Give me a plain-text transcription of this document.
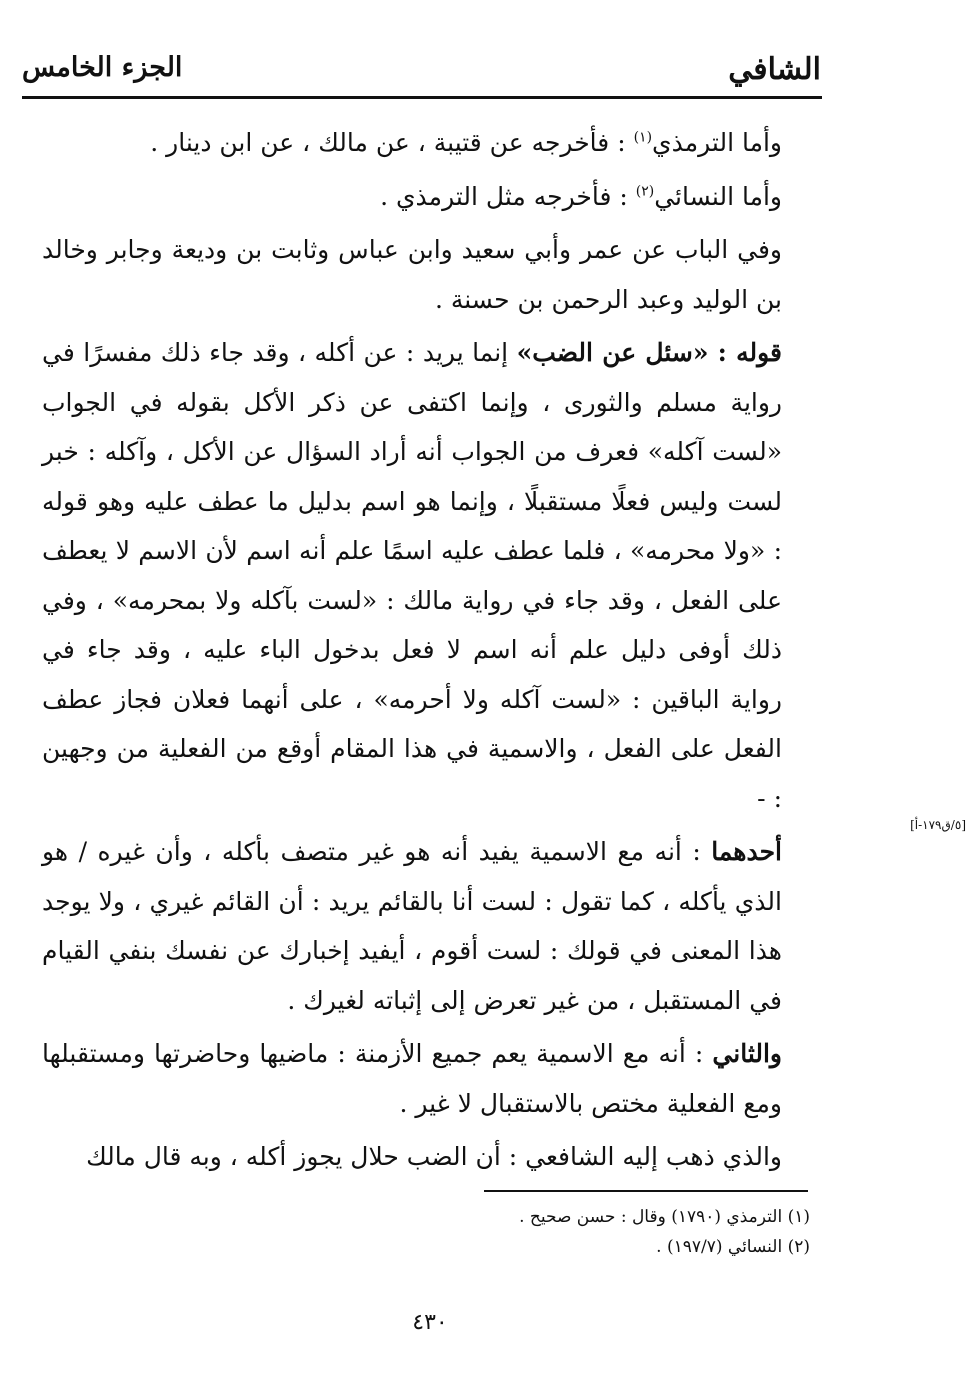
الشافي
الجزء الخامس

وأما الترمذي$^{(١)}$ : فأخرجه عن قتيبة ، عن مالك ، عن ابن دينار .

وأما النسائي$^{(٢)}$ : فأخرجه مثل الترمذي .

وفي الباب عن عمر وأبي سعيد وابن عباس وثابت بن وديعة وجابر وخالد بن الوليد وعبد الرحمن بن حسنة .

قوله : «سئل عن الضب» إنما يريد : عن أكله ، وقد جاء ذلك مفسرًا في رواية مسلم والثورى ، وإنما اكتفى عن ذكر الأكل بقوله في الجواب «لست آكله» فعرف من الجواب أنه أراد السؤال عن الأكل ، وآكله : خبر لست وليس فعلًا مستقبلًا ، وإنما هو اسم بدليل ما عطف عليه وهو قوله : «ولا محرمه» ، فلما عطف عليه اسمًا علم أنه اسم لأن الاسم لا يعطف على الفعل ، وقد جاء في رواية مالك : «لست بآكله ولا بمحرمه» ، وفي ذلك أوفى دليل علم أنه اسم لا فعل بدخول الباء عليه ، وقد جاء في رواية الباقين : «لست آكله ولا أحرمه» ، على أنهما فعلان فجاز عطف الفعل على الفعل ، والاسمية في هذا المقام أوقع من الفعلية من وجهين : -

أحدهما : أنه مع الاسمية يفيد أنه هو غير متصف بأكله ، وأن غيره / هو الذي يأكله ، كما تقول : لست أنا بالقائم يريد : أن القائم غيري ، ولا يوجد هذا المعنى في قولك : لست أقوم ، أيفيد إخبارك عن نفسك بنفي القيام في المستقبل ، من غير تعرض إلى إثباته لغيرك .

والثاني : أنه مع الاسمية يعم جميع الأزمنة : ماضيها وحاضرتها ومستقبلها ومع الفعلية مختص بالاستقبال لا غير .

والذي ذهب إليه الشافعي : أن الضب حلال يجوز أكله ، وبه قال مالك

[٥/ق١٧٩-أ]
(١) الترمذي (١٧٩٠) وقال : حسن صحيح .
(٢) النسائي (١٩٧/٧) .
٤٣٠
